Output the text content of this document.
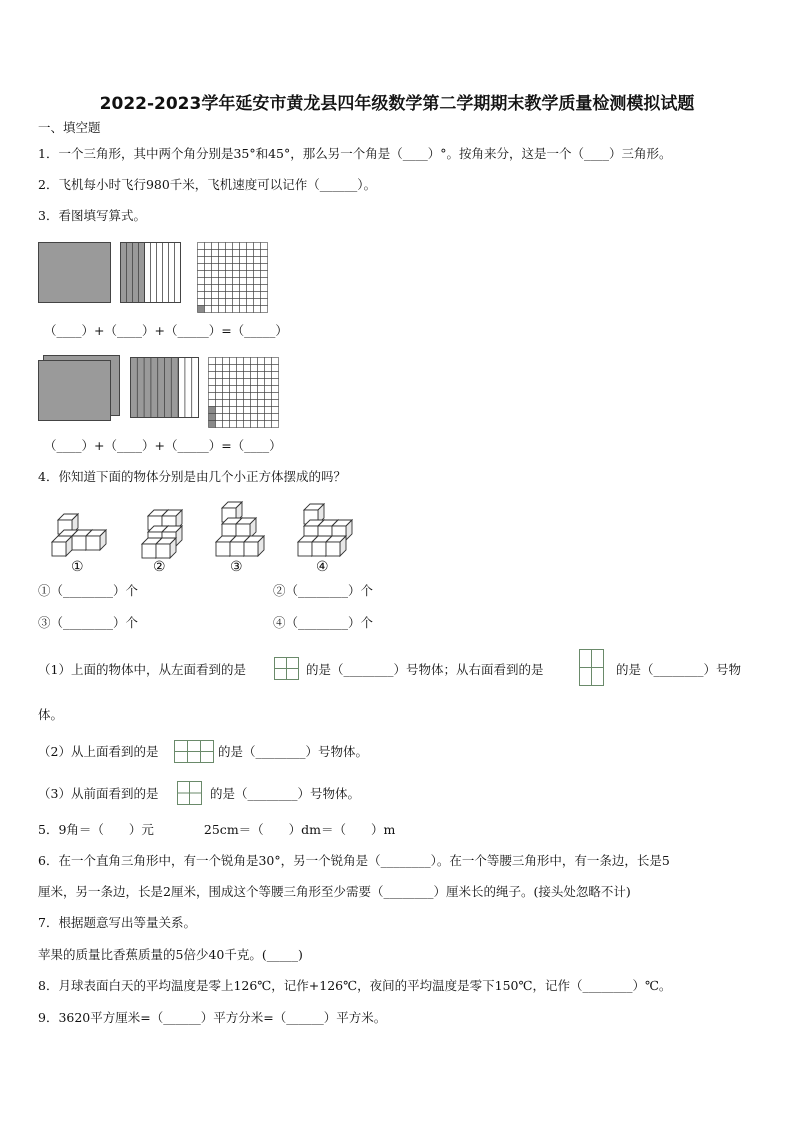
2022-2023学年延安市黄龙县四年级数学第二学期期末教学质量检测模拟试题
一、填空题
1．一个三角形，其中两个角分别是35°和45°，那么另一个角是（____）°。按角来分，这是一个（____）三角形。
2．飞机每小时飞行980千米，飞机速度可以记作（______）。
3．看图填写算式。
（____）+（____）+（_____）=（_____）
（____）+（____）+（_____）=（____）
4．你知道下面的物体分别是由几个小正方体摆成的吗？
①	②	③	④
①（________）个	②（________）个
③（________）个	④（________）个
（1）上面的物体中，从左面看到的是	的是（________）号物体；从右面看到的是	的是（________）号物
体。
（2）从上面看到的是	的是（________）号物体。
（3）从前面看到的是	的是（________）号物体。
5．9角＝（　　）元　　　　25cm＝（　　）dm＝（　　）m
6．在一个直角三角形中，有一个锐角是30°，另一个锐角是（________）。在一个等腰三角形中，有一条边，长是5
厘米，另一条边，长是2厘米，围成这个等腰三角形至少需要（________）厘米长的绳子。(接头处忽略不计)
7．根据题意写出等量关系。
苹果的质量比香蕉质量的5倍少40千克。(_____)
8．月球表面白天的平均温度是零上126℃，记作+126℃，夜间的平均温度是零下150℃，记作（________）℃。
9．3620平方厘米=（______）平方分米=（______）平方米。
